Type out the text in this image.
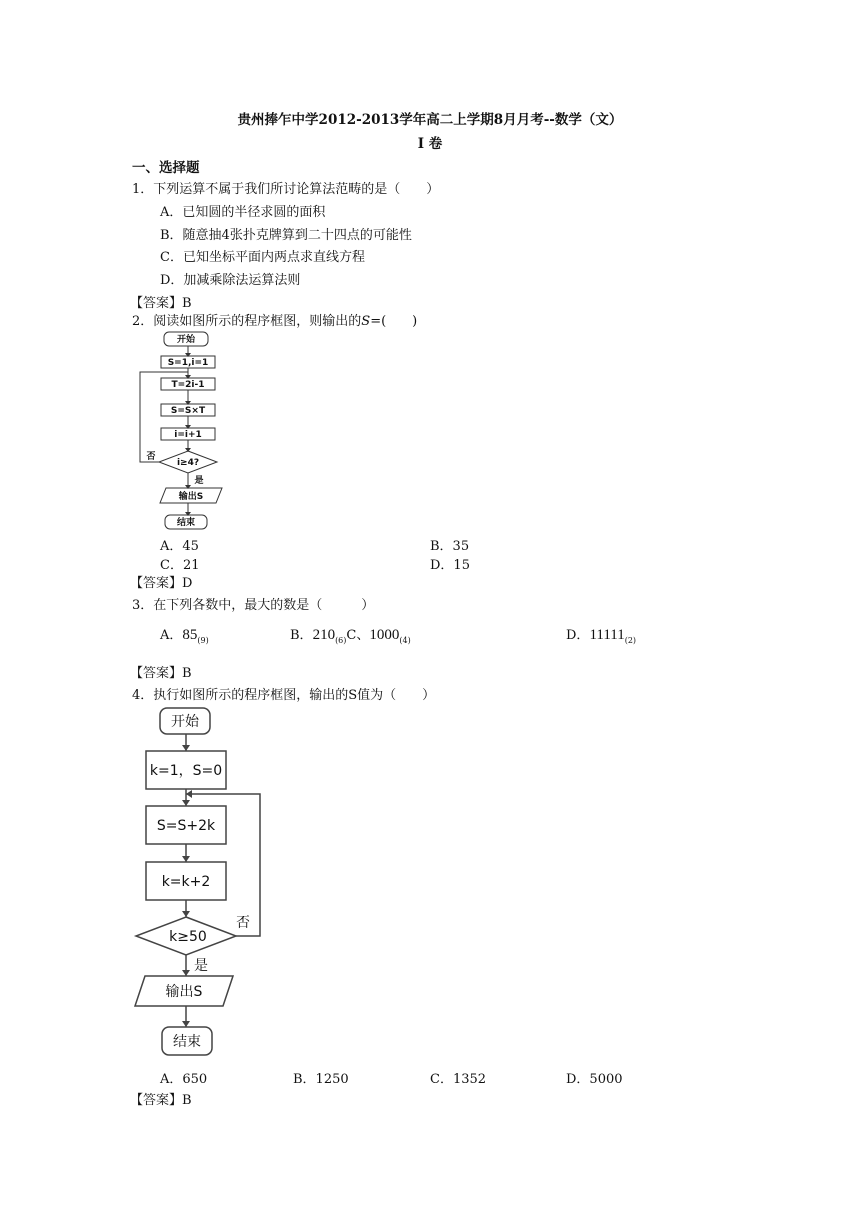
贵州捧乍中学2012-2013学年高二上学期8月月考--数学（文）
I 卷
一、选择题
1．下列运算不属于我们所讨论算法范畴的是（　　）
A．已知圆的半径求圆的面积
B．随意抽4张扑克牌算到二十四点的可能性
C．已知坐标平面内两点求直线方程
D．加减乘除法运算法则
【答案】B
2．阅读如图所示的程序框图，则输出的S=(　　)
开始
S=1,i=1
T=2i-1
S=S×T
i=i+1
i≥4?
输出S
结束
否
是
A．45	B．35
C．21	D．15
【答案】D
3．在下列各数中，最大的数是（　　　）
A．$85_{(9)}$	B．$210_{(6)}C$、$1000_{(4)}$	D．$11111_{(2)}$
【答案】B
4．执行如图所示的程序框图，输出的S值为（　　）
开始
k=1，S=0
S=S+2k
k=k+2
k≥50
输出S
结束
否
是
A．650	B．1250	C．1352	D．5000
【答案】B
